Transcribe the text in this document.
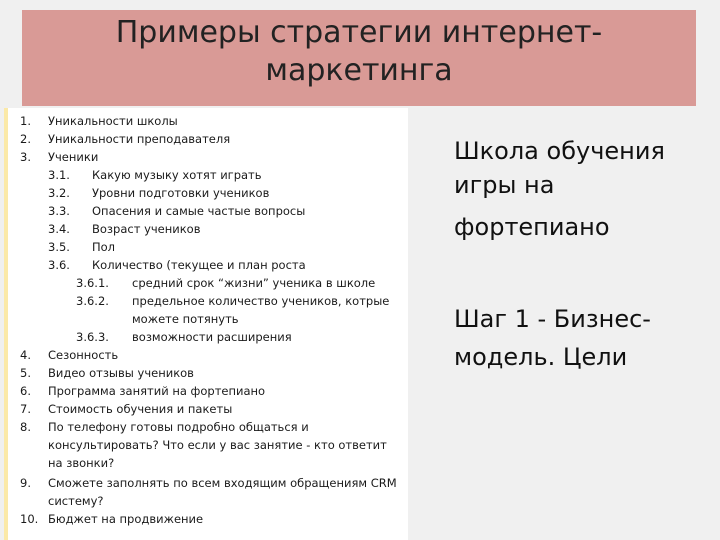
Примеры стратегии интернет-
маркетинга
1. Уникальности школы
2. Уникальности преподавателя
3. Ученики
3.1. Какую музыку хотят играть
3.2. Уровни подготовки учеников
3.3. Опасения и самые частые вопросы
3.4. Возраст учеников
3.5. Пол
3.6. Количество (текущее и план роста
3.6.1. средний срок “жизни” ученика в школе
3.6.2. предельное количество учеников, котрые
можете потянуть
3.6.3. возможности расширения
4. Сезонность
5. Видео отзывы учеников
6. Программа занятий на фортепиано
7. Стоимость обучения и пакеты
8. По телефону готовы подробно общаться и
консультировать? Что если у вас занятие - кто ответит
на звонки?
9. Сможете заполнять по всем входящим обращениям CRM
систему?
10. Бюджет на продвижение
Школа обучения
игры на
фортепиано
Шаг 1 - Бизнес-
модель. Цели
